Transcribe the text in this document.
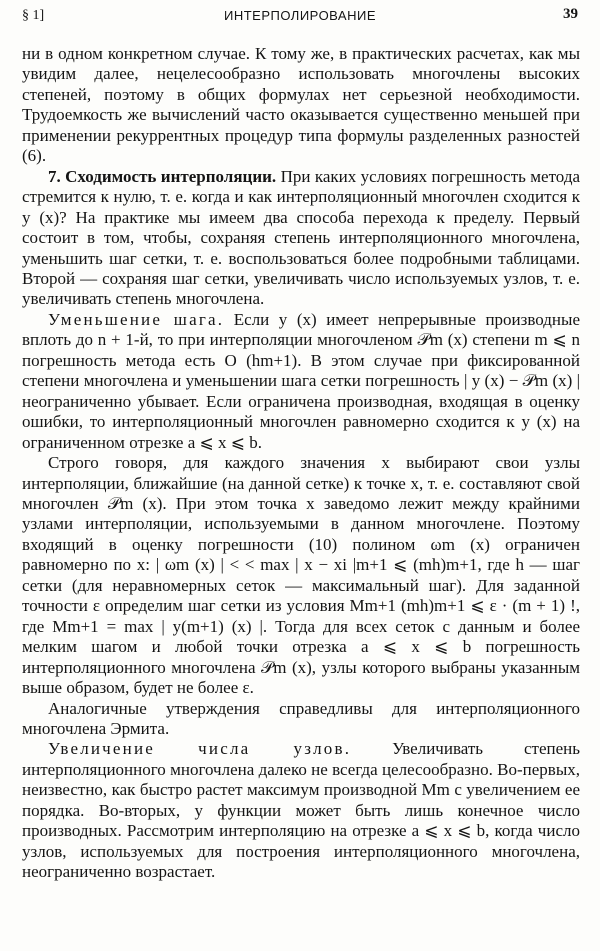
§ 1]	ИНТЕРПОЛИРОВАНИЕ	39

ни в одном конкретном случае. К тому же, в практических расчетах, как мы увидим далее, нецелесообразно использовать многочлены высоких степеней, поэтому в общих формулах нет серьезной необходимости. Трудоемкость же вычислений часто оказывается существенно меньшей при применении рекуррентных процедур типа формулы разделенных разностей (6).

7. Сходимость интерполяции. При каких условиях погрешность метода стремится к нулю, т. е. когда и как интерполяционный многочлен сходится к y (x)? На практике мы имеем два способа перехода к пределу. Первый состоит в том, чтобы, сохраняя степень интерполяционного многочлена, уменьшить шаг сетки, т. е. воспользоваться более подробными таблицами. Второй — сохраняя шаг сетки, увеличивать число используемых узлов, т. е. увеличивать степень многочлена.

Уменьшение шага. Если y (x) имеет непрерывные производные вплоть до n + 1-й, то при интерполяции многочленом 𝒫m (x) степени m ⩽ n погрешность метода есть O (hm+1). В этом случае при фиксированной степени многочлена и уменьшении шага сетки погрешность | y (x) − 𝒫m (x) | неограниченно убывает. Если ограничена производная, входящая в оценку ошибки, то интерполяционный многочлен равномерно сходится к y (x) на ограниченном отрезке a ⩽ x ⩽ b.

Строго говоря, для каждого значения x выбирают свои узлы интерполяции, ближайшие (на данной сетке) к точке x, т. е. составляют свой многочлен 𝒫m (x). При этом точка x заведомо лежит между крайними узлами интерполяции, используемыми в данном многочлене. Поэтому входящий в оценку погрешности (10) полином ωm (x) ограничен равномерно по x: | ωm (x) | < < max | x − xi |m+1 ⩽ (mh)m+1, где h — шаг сетки (для неравномерных сеток — максимальный шаг). Для заданной точности ε определим шаг сетки из условия Mm+1 (mh)m+1 ⩽ ε · (m + 1) !, где Mm+1 = max | y(m+1) (x) |. Тогда для всех сеток с данным и более мелким шагом и любой точки отрезка a ⩽ x ⩽ b погрешность интерполяционного многочлена 𝒫m (x), узлы которого выбраны указанным выше образом, будет не более ε.

Аналогичные утверждения справедливы для интерполяционного многочлена Эрмита.

Увеличение числа узлов. Увеличивать степень интерполяционного многочлена далеко не всегда целесообразно. Во-первых, неизвестно, как быстро растет максимум производной Mm с увеличением ее порядка. Во-вторых, у функции может быть лишь конечное число производных. Рассмотрим интерполяцию на отрезке a ⩽ x ⩽ b, когда число узлов, используемых для построения интерполяционного многочлена, неограниченно возрастает.
